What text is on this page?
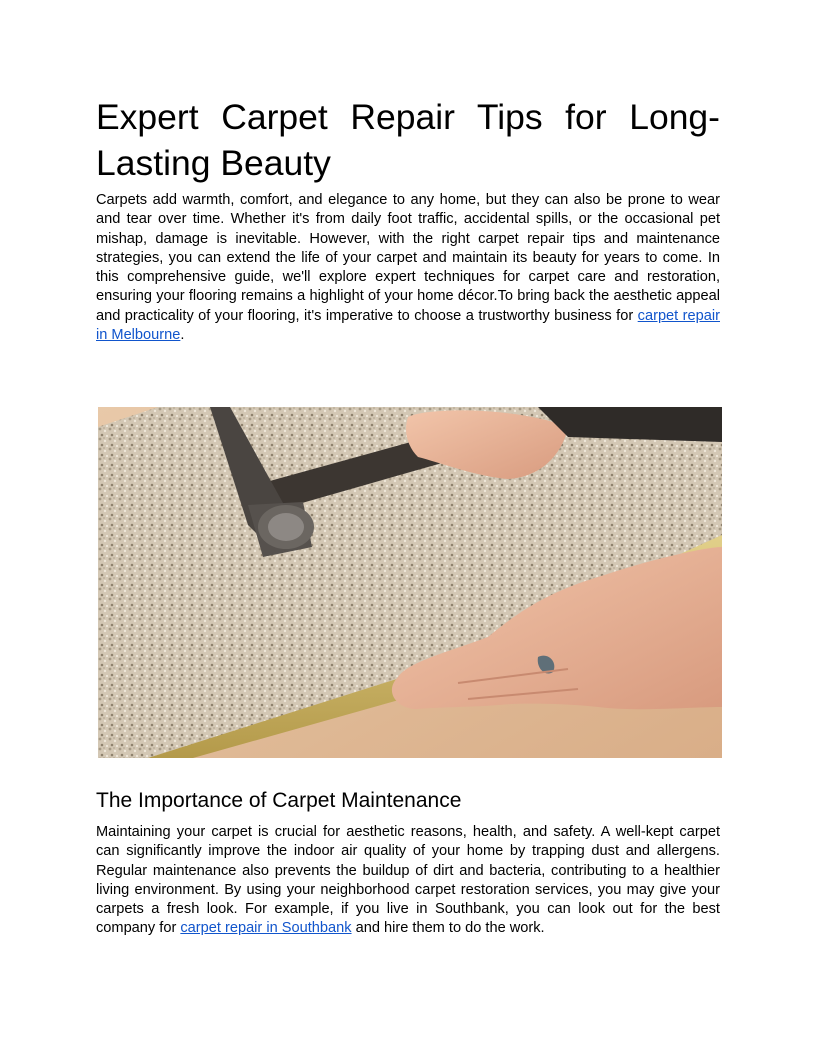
Expert Carpet Repair Tips for Long-Lasting Beauty

Carpets add warmth, comfort, and elegance to any home, but they can also be prone to wear and tear over time. Whether it's from daily foot traffic, accidental spills, or the occasional pet mishap, damage is inevitable. However, with the right carpet repair tips and maintenance strategies, you can extend the life of your carpet and maintain its beauty for years to come. In this comprehensive guide, we'll explore expert techniques for carpet care and restoration, ensuring your flooring remains a highlight of your home décor.To bring back the aesthetic appeal and practicality of your flooring, it's imperative to choose a trustworthy business for carpet repair in Melbourne.

The Importance of Carpet Maintenance

Maintaining your carpet is crucial for aesthetic reasons, health, and safety. A well-kept carpet can significantly improve the indoor air quality of your home by trapping dust and allergens. Regular maintenance also prevents the buildup of dirt and bacteria, contributing to a healthier living environment. By using your neighborhood carpet restoration services, you may give your carpets a fresh look. For example, if you live in Southbank, you can look out for the best company for carpet repair in Southbank and hire them to do the work.
